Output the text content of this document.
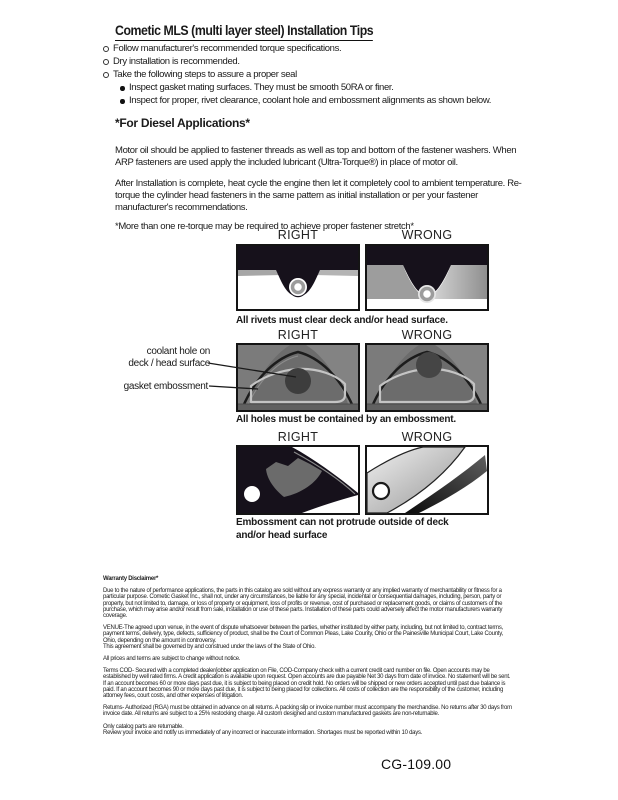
Cometic MLS (multi layer steel) Installation Tips
Follow manufacturer's recommended torque specifications.
Dry installation is recommended.
Take the following steps to assure a proper seal
Inspect gasket mating surfaces. They must be smooth 50RA or finer.
Inspect for proper, rivet clearance, coolant hole and embossment alignments as shown below.
*For Diesel Applications*

Motor oil should be applied to fastener threads as well as top and bottom of the fastener washers. When ARP fasteners are used apply the included lubricant (Ultra-Torque®) in place of motor oil.

After Installation is complete, heat cycle the engine then let it completely cool to ambient temperature. Re-torque the cylinder head fasteners in the same pattern as initial installation or per your fastener manufacturer's recommendations.

*More than one re-torque may be required to achieve proper fastener stretch*

RIGHT	WRONG
All rivets must clear deck and/or head surface.
RIGHT	WRONG
All holes must be contained by an embossment.
coolant hole on
deck / head surface
gasket embossment
RIGHT	WRONG
Embossment can not protrude outside of deck
and/or head surface

Warranty Disclaimer*

Due to the nature of performance applications, the parts in this catalog are sold without any express warranty or any implied warranty of merchantability or fitness for a particular purpose. Cometic Gasket Inc., shall not, under any circumstances, be liable for any special, incidental or consequential damages, including, person, party or property, but not limited to, damage, or loss of property or equipment, loss of profits or revenue, cost of purchased or replacement goods, or claims of customers of the purchase, which may arise and/or result from sale, installation or use of these parts. Installation of these parts could adversely affect the motor manufacturers warranty coverage.

VENUE-The agreed upon venue, in the event of dispute whatsoever between the parties, whether instituted by either party, including, but not limited to, contract terms, payment terms, delivery, type, defects, sufficiency of product, shall be the Court of Common Pleas, Lake County, Ohio or the Painesville Municipal Court, Lake County, Ohio, depending on the amount in controversy.

This agreement shall be governed by and construed under the laws of the State of Ohio.

All prices and terms are subject to change without notice.

Terms COD- Secured with a completed dealer/jobber application on File, COD-Company check with a current credit card number on file. Open accounts may be established by well rated firms. A credit application is available upon request. Open accounts are due payable Net 30 days from date of invoice. No statement will be sent. If an account becomes 60 or more days past due, it is subject to being placed on credit hold. No orders will be shipped or new orders accepted until past due balance is paid. If an account becomes 90 or more days past due, it is subject to being placed for collections. All costs of collection are the responsibility of the customer, including attorney fees, court costs, and other expenses of litigation.

Returns- Authorized (RGA) must be obtained in advance on all returns. A packing slip or invoice number must accompany the merchandise. No returns after 30 days from invoice date. All returns are subject to a 25% restocking charge. All custom designed and custom manufactured gaskets are non-returnable.

Only catalog parts are returnable.

Review your invoice and notify us immediately of any incorrect or inaccurate information. Shortages must be reported within 10 days.

CG-109.00
